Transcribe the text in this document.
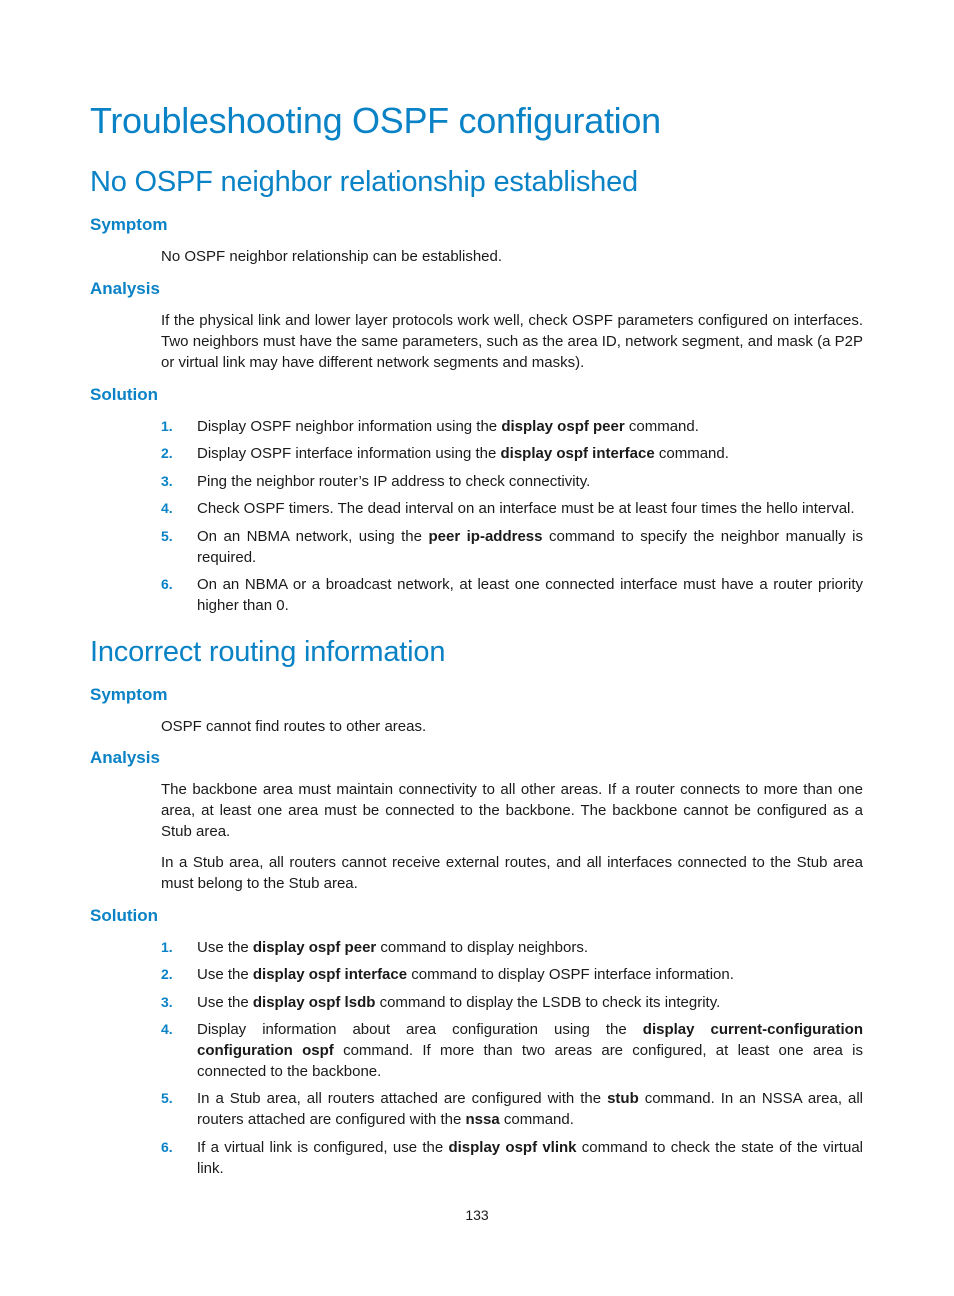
Troubleshooting OSPF configuration
No OSPF neighbor relationship established
Symptom

No OSPF neighbor relationship can be established.

Analysis

If the physical link and lower layer protocols work well, check OSPF parameters configured on interfaces. Two neighbors must have the same parameters, such as the area ID, network segment, and mask (a P2P or virtual link may have different network segments and masks).

Solution
1. Display OSPF neighbor information using the display ospf peer command.
2. Display OSPF interface information using the display ospf interface command.
3. Ping the neighbor router’s IP address to check connectivity.
4. Check OSPF timers. The dead interval on an interface must be at least four times the hello interval.
5. On an NBMA network, using the peer ip-address command to specify the neighbor manually is required.
6. On an NBMA or a broadcast network, at least one connected interface must have a router priority higher than 0.
Incorrect routing information
Symptom

OSPF cannot find routes to other areas.

Analysis

The backbone area must maintain connectivity to all other areas. If a router connects to more than one area, at least one area must be connected to the backbone. The backbone cannot be configured as a Stub area.

In a Stub area, all routers cannot receive external routes, and all interfaces connected to the Stub area must belong to the Stub area.

Solution
1. Use the display ospf peer command to display neighbors.
2. Use the display ospf interface command to display OSPF interface information.
3. Use the display ospf lsdb command to display the LSDB to check its integrity.
4. Display information about area configuration using the display current-configuration configuration ospf command. If more than two areas are configured, at least one area is connected to the backbone.
5. In a Stub area, all routers attached are configured with the stub command. In an NSSA area, all routers attached are configured with the nssa command.
6. If a virtual link is configured, use the display ospf vlink command to check the state of the virtual link.
133
